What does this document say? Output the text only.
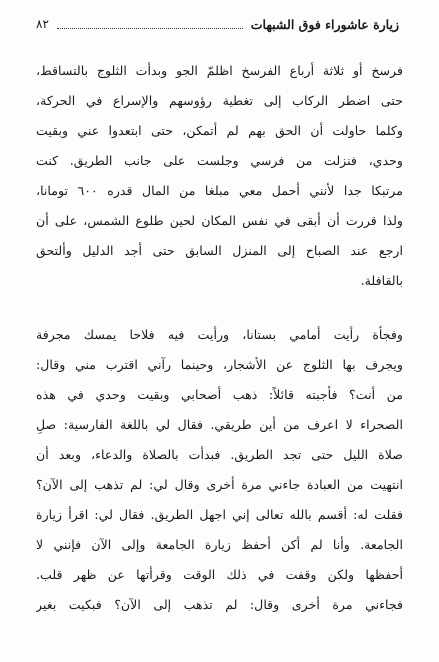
زيارة عاشوراء فوق الشبهات
٨٢
فرسخ أو ثلاثة أرباع الفرسخ اظلمّ الجو وبدأت الثلوج بالتساقط،
حتى اضطر الركاب إلى تغطية رؤوسهم والإسراع في الحركة،
وكلما حاولت أن الحق بهم لم أتمكن، حتى ابتعدوا عني وبقيت
وحدي، فنزلت من فرسي وجلست على جانب الطريق. كنت
مرتبكا جدا لأنني أحمل معي مبلغا من المال قدره ٦٠٠ تومانا،
ولذا قررت أن أبقى في نفس المكان لحين طلوع الشمس، على أن
ارجع عند الصباح إلى المنزل السابق حتى أجد الدليل وألتحق
بالقافلة.
وفجأة رأيت أمامي بستانا، ورأيت فيه فلاحا يمسك مجرفة
ويجرف بها الثلوج عن الأشجار، وحينما رآني اقترب مني وقال:
من أنت؟ فأجبته قائلاً: ذهب أصحابي وبقيت وحدي في هذه
الصحراء لا اعرف من أين طريقي. فقال لي باللغة الفارسية: صلِ
صلاة الليل حتى تجد الطريق. فبدأت بالصلاة والدعاء، وبعد أن
انتهيت من العبادة جاءني مرة أخرى وقال لي: لم تذهب إلى الآن؟
فقلت له: أقسم بالله تعالى إني اجهل الطريق. فقال لي: اقرأ زيارة
الجامعة. وأنا لم أكن أحفظ زيارة الجامعة وإلى الآن فإنني لا
أحفظها ولكن وقفت في ذلك الوقت وقرأتها عن ظهر قلب.
فجاءني مرة أخرى وقال: لم تذهب إلى الآن؟ فبكيت بغير
